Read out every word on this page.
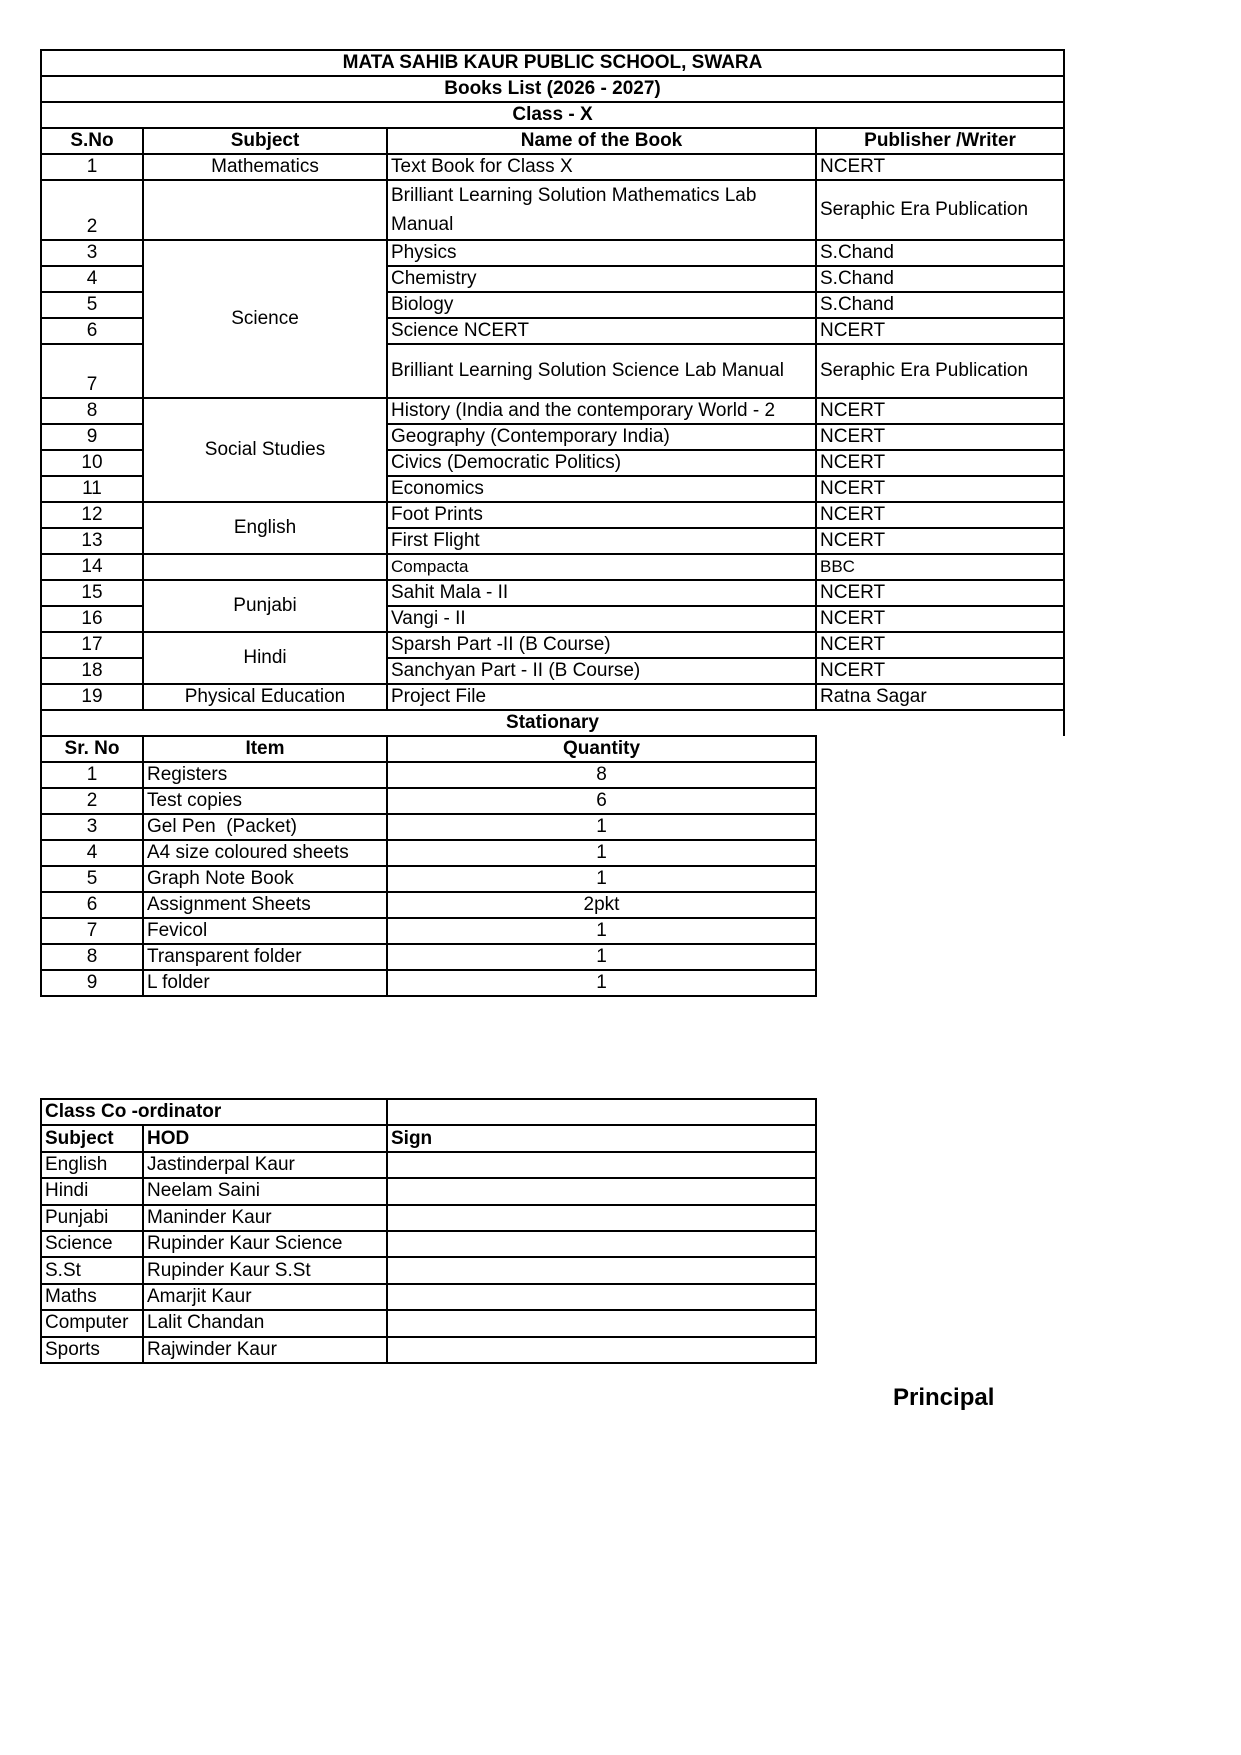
MATA SAHIB KAUR PUBLIC SCHOOL, SWARA			
Books List (2026 - 2027)			
Class - X			
S.No	Subject	Name of the Book	Publisher /Writer
1	Mathematics	Text Book for Class X	NCERT
2		Brilliant Learning Solution Mathematics Lab Manual	Seraphic Era Publication
3	Science	Physics	S.Chand
4		Chemistry	S.Chand
5		Biology	S.Chand
6		Science NCERT	NCERT
7		Brilliant Learning Solution Science Lab Manual	Seraphic Era Publication
8	Social Studies	History (India and the contemporary World - 2	NCERT
9		Geography (Contemporary India)	NCERT
10		Civics (Democratic Politics)	NCERT
11		Economics	NCERT
12	English	Foot Prints	NCERT
13		First Flight	NCERT
14		Compacta	BBC
15	Punjabi	Sahit Mala - II	NCERT
16		Vangi - II	NCERT
17	Hindi	Sparsh Part -II (B Course)	NCERT
18		Sanchyan Part - II (B Course)	NCERT
19	Physical Education	Project File	Ratna Sagar
Stationary			
Sr. No	Item	Quantity	
1	Registers	8	
2	Test copies	6	
3	Gel Pen  (Packet)	1	
4	A4 size coloured sheets	1	
5	Graph Note Book	1	
6	Assignment Sheets	2pkt	
7	Fevicol	1	
8	Transparent folder	1	
9	L folder	1	
Class Co -ordinator		
Subject	HOD	Sign
English	Jastinderpal Kaur	
Hindi	Neelam Saini	
Punjabi	Maninder Kaur	
Science	Rupinder Kaur Science	
S.St	Rupinder Kaur S.St	
Maths	Amarjit Kaur	
Computer	Lalit Chandan	
Sports	Rajwinder Kaur	
Principal
